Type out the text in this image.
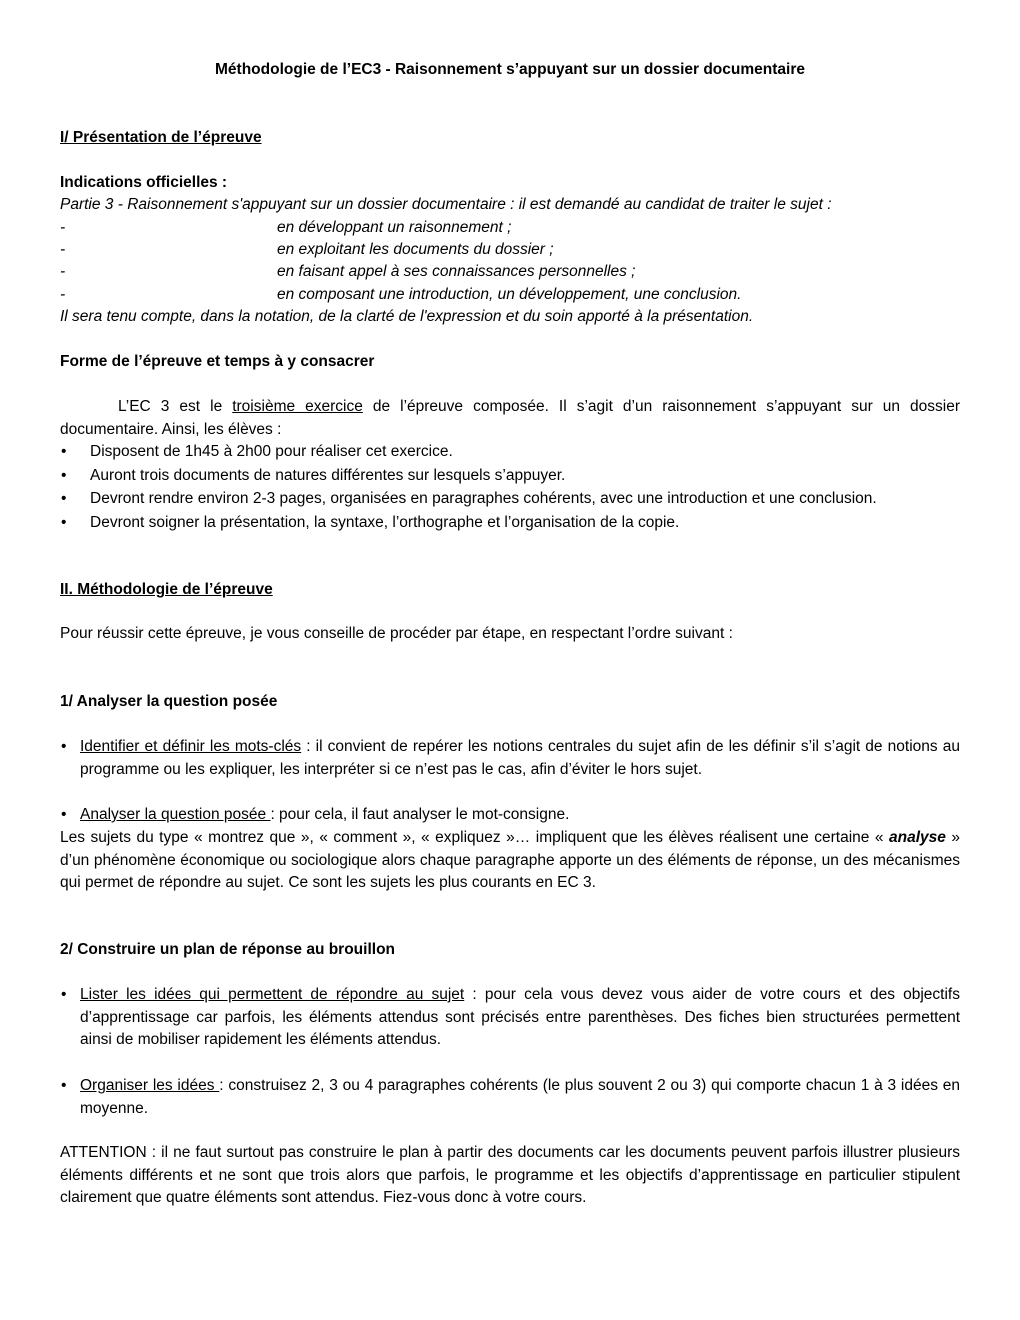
Méthodologie de l’EC3 - Raisonnement s’appuyant sur un dossier documentaire
I/ Présentation de l’épreuve
Indications officielles :
Partie 3 - Raisonnement s'appuyant sur un dossier documentaire : il est demandé au candidat de traiter le sujet :
-	en développant un raisonnement ;
-	en exploitant les documents du dossier ;
-	en faisant appel à ses connaissances personnelles ;
-	en composant une introduction, un développement, une conclusion.
Il sera tenu compte, dans la notation, de la clarté de l'expression et du soin apporté à la présentation.
Forme de l’épreuve et temps à y consacrer
L’EC 3 est le troisième exercice de l’épreuve composée. Il s’agit d’un raisonnement s’appuyant sur un dossier documentaire. Ainsi, les élèves :
• Disposent de 1h45 à 2h00 pour réaliser cet exercice.
• Auront trois documents de natures différentes sur lesquels s’appuyer.
• Devront rendre environ 2-3 pages, organisées en paragraphes cohérents, avec une introduction et une conclusion.
• Devront soigner la présentation, la syntaxe, l’orthographe et l’organisation de la copie.
II. Méthodologie de l’épreuve
Pour réussir cette épreuve, je vous conseille de procéder par étape, en respectant l’ordre suivant :
1/ Analyser la question posée
• Identifier et définir les mots-clés : il convient de repérer les notions centrales du sujet afin de les définir s’il s’agit de notions au programme ou les expliquer, les interpréter si ce n’est pas le cas, afin d’éviter le hors sujet.
• Analyser la question posée : pour cela, il faut analyser le mot-consigne.
Les sujets du type « montrez que », « comment », « expliquez »… impliquent que les élèves réalisent une certaine « analyse » d’un phénomène économique ou sociologique alors chaque paragraphe apporte un des éléments de réponse, un des mécanismes qui permet de répondre au sujet. Ce sont les sujets les plus courants en EC 3.
2/ Construire un plan de réponse au brouillon
• Lister les idées qui permettent de répondre au sujet : pour cela vous devez vous aider de votre cours et des objectifs d’apprentissage car parfois, les éléments attendus sont précisés entre parenthèses. Des fiches bien structurées permettent ainsi de mobiliser rapidement les éléments attendus.
• Organiser les idées : construisez 2, 3 ou 4 paragraphes cohérents (le plus souvent 2 ou 3) qui comporte chacun 1 à 3 idées en moyenne.
ATTENTION : il ne faut surtout pas construire le plan à partir des documents car les documents peuvent parfois illustrer plusieurs éléments différents et ne sont que trois alors que parfois, le programme et les objectifs d’apprentissage en particulier stipulent clairement que quatre éléments sont attendus. Fiez-vous donc à votre cours.
